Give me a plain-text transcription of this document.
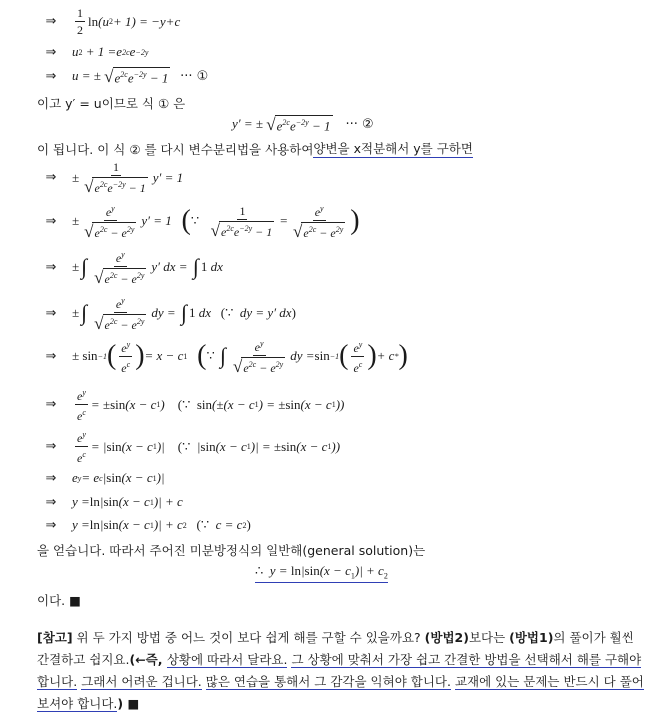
⇒	$\frac{1}{2}$ ln ( u 2 + 1) = − y + c
⇒	u 2 + 1 = e 2c e −2y
⇒	u = ± √ $e^{2c}e^{-2y} - 1$
··· ①
이고 y′ = u이므로 식 ① 은
y ′ = ± √ $e^{2c}e^{-2y} - 1$
··· ②
이 됩니다. 이 식 ② 를 다시 변수분리법을 사용하여 양변을 x적분해서 y를 구하면
⇒	± $\frac{1}{√ e^{2c}e^{-2y} - 1}$ y ′ = 1
⇒	± $\frac{e^y}{√ e^{2c} - e^{2y}}$ y ′ = 1 ( ∵
$\frac{1}{√ e^{2c}e^{-2y} - 1} = \frac{e^y}{√ e^{2c} - e^{2y}}$ )
⇒	± ∫ $\frac{e^y}{√ e^{2c} - e^{2y}} y'$ dx = ∫ 1 dx
⇒	± ∫ $\frac{e^y}{√ e^{2c} - e^{2y}}$ dy = ∫ 1 dx (∵ dy = y′ dx )
⇒	± sin −1 ( $\frac{e^y}{e^c}$ ) = x − c 1
( ∵
∫ $\frac{e^y}{√ e^{2c} - e^{2y}}$ dy = sin −1 ( $\frac{e^y}{e^c}$ ) + c * )
⇒	$\frac{e^y}{e^c}$ = ± sin (x − c 1 ) (∵
sin (±(x − c 1 ) = ± sin (x − c 1 ))
⇒	$\frac{e^y}{e^c}$ = | sin (x − c 1 )| (∵ | sin (x − c 1 )| = ± sin (x − c 1 ))
⇒	e y = e c | sin (x − c 1 )|
⇒	y = ln | sin (x − c 1 )| + c
⇒	y = ln | sin (x − c 1 )| + c 2
(∵ c = c 2 )
을 얻습니다. 따라서 주어진 미분방정식의 일반해(general solution)는
∴  $y = \ln|\sin(x - c_1)| + c_2$
이다. ■
[참고] 위 두 가지 방법 중 어느 것이 보다 쉽게 해를 구할 수 있을까요? (방법2)보다는 (방법1)의 풀이가 훨씬 간결하고 쉽지요.(←즉, 상황에 따라서 달라요. 그 상황에 맞춰서 가장 쉽고 간결한 방법을 선택해서 해를 구해야 합니다. 그래서 어려운 겁니다. 많은 연습을 통해서 그 감각을 익혀야 합니다. 교재에 있는 문제는 반드시 다 풀어 보셔야 합니다.) ■
